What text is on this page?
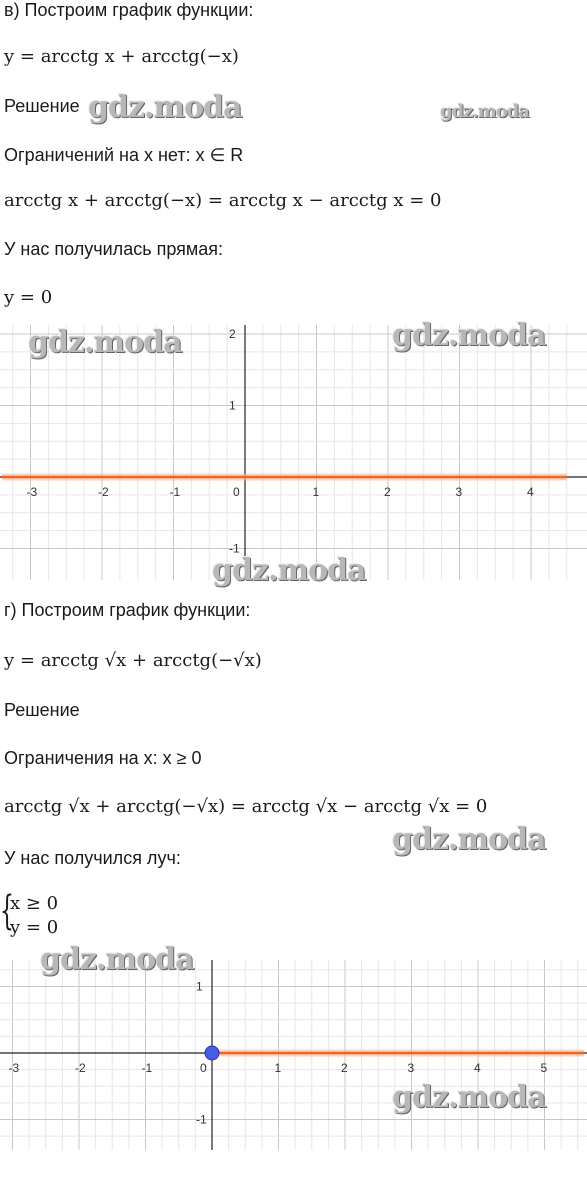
в) Построим график функции:
y = arcctg x + arcctg(−x)
Решение
Ограничений на x нет: x ∈ R
arcctg x + arcctg(−x) = arcctg x − arcctg x = 0
У нас получилась прямая:
y = 0
-3	-2	-1	0	1	2	3	4
2
1
-1
г) Построим график функции:
y = arcctg √x + arcctg(−√x)
Решение
Ограничения на x: x ≥ 0
arcctg √x + arcctg(−√x) = arcctg √x − arcctg √x = 0
У нас получился луч:
{
x ≥ 0
y = 0
-3	-2	-1	0	1	2	3	4	5
1
-1
gdz.moda	gdz.moda
gdz.moda	gdz.moda
gdz.moda
gdz.moda
gdz.moda
gdz.moda
